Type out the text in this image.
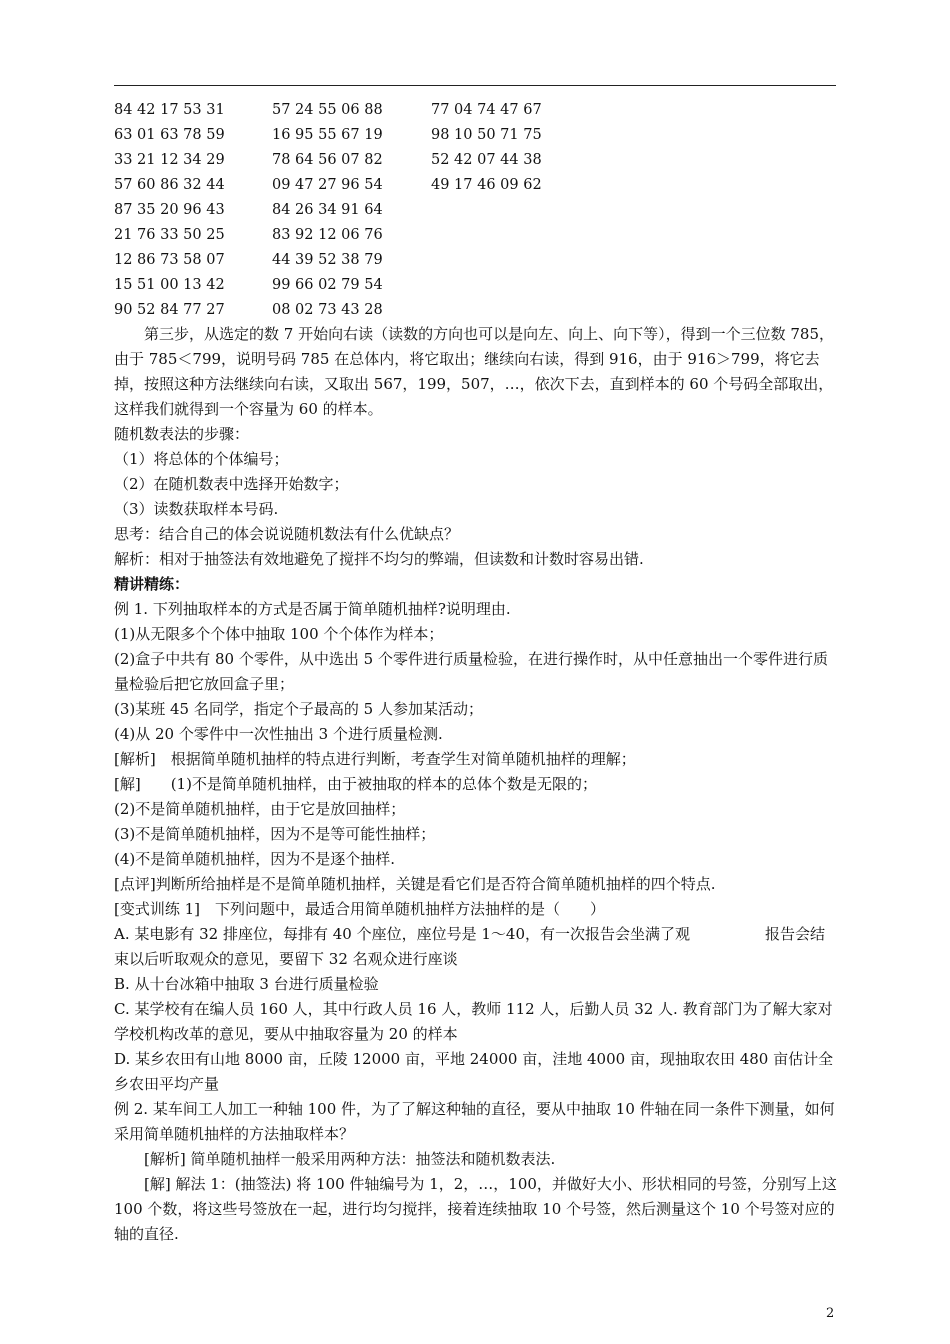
84 42 17 53 31	57 24 55 06 88	77 04 74 47 67
63 01 63 78 59	16 95 55 67 19	98 10 50 71 75
33 21 12 34 29	78 64 56 07 82	52 42 07 44 38
57 60 86 32 44	09 47 27 96 54	49 17 46 09 62
87 35 20 96 43	84 26 34 91 64
21 76 33 50 25	83 92 12 06 76
12 86 73 58 07	44 39 52 38 79
15 51 00 13 42	99 66 02 79 54
90 52 84 77 27	08 02 73 43 28

第三步，从选定的数 7 开始向右读（读数的方向也可以是向左、向上、向下等），得到一个三位数 785，由于 785＜799，说明号码 785 在总体内，将它取出；继续向右读，得到 916，由于 916＞799，将它去掉，按照这种方法继续向右读，又取出 567，199，507，…，依次下去，直到样本的 60 个号码全部取出，这样我们就得到一个容量为 60 的样本。

随机数表法的步骤：

（1）将总体的个体编号；

（2）在随机数表中选择开始数字；

（3）读数获取样本号码.

思考：结合自己的体会说说随机数法有什么优缺点？

解析：相对于抽签法有效地避免了搅拌不均匀的弊端，但读数和计数时容易出错.

精讲精练：

例 1. 下列抽取样本的方式是否属于简单随机抽样?说明理由.

(1)从无限多个个体中抽取 100 个个体作为样本；

(2)盒子中共有 80 个零件，从中选出 5 个零件进行质量检验，在进行操作时，从中任意抽出一个零件进行质量检验后把它放回盒子里；

(3)某班 45 名同学，指定个子最高的 5 人参加某活动；

(4)从 20 个零件中一次性抽出 3 个进行质量检测.

[解析]　根据简单随机抽样的特点进行判断，考查学生对简单随机抽样的理解；

[解]　　(1)不是简单随机抽样，由于被抽取的样本的总体个数是无限的；

(2)不是简单随机抽样，由于它是放回抽样；

(3)不是简单随机抽样，因为不是等可能性抽样；

(4)不是简单随机抽样，因为不是逐个抽样.

[点评]判断所给抽样是不是简单随机抽样，关键是看它们是否符合简单随机抽样的四个特点.

[变式训练 1]　下列问题中，最适合用简单随机抽样方法抽样的是（　　）

A. 某电影有 32 排座位，每排有 40 个座位，座位号是 1～40，有一次报告会坐满了观　　　　　报告会结束以后听取观众的意见，要留下 32 名观众进行座谈

B. 从十台冰箱中抽取 3 台进行质量检验

C. 某学校有在编人员 160 人，其中行政人员 16 人，教师 112 人，后勤人员 32 人. 教育部门为了解大家对学校机构改革的意见，要从中抽取容量为 20 的样本

D. 某乡农田有山地 8000 亩，丘陵 12000 亩，平地 24000 亩，洼地 4000 亩，现抽取农田 480 亩估计全乡农田平均产量

例 2. 某车间工人加工一种轴 100 件，为了了解这种轴的直径，要从中抽取 10 件轴在同一条件下测量，如何采用简单随机抽样的方法抽取样本？

[解析] 简单随机抽样一般采用两种方法：抽签法和随机数表法.

[解] 解法 1：(抽签法) 将 100 件轴编号为 1，2，…，100，并做好大小、形状相同的号签，分别写上这 100 个数，将这些号签放在一起，进行均匀搅拌，接着连续抽取 10 个号签，然后测量这个 10 个号签对应的轴的直径.

2
